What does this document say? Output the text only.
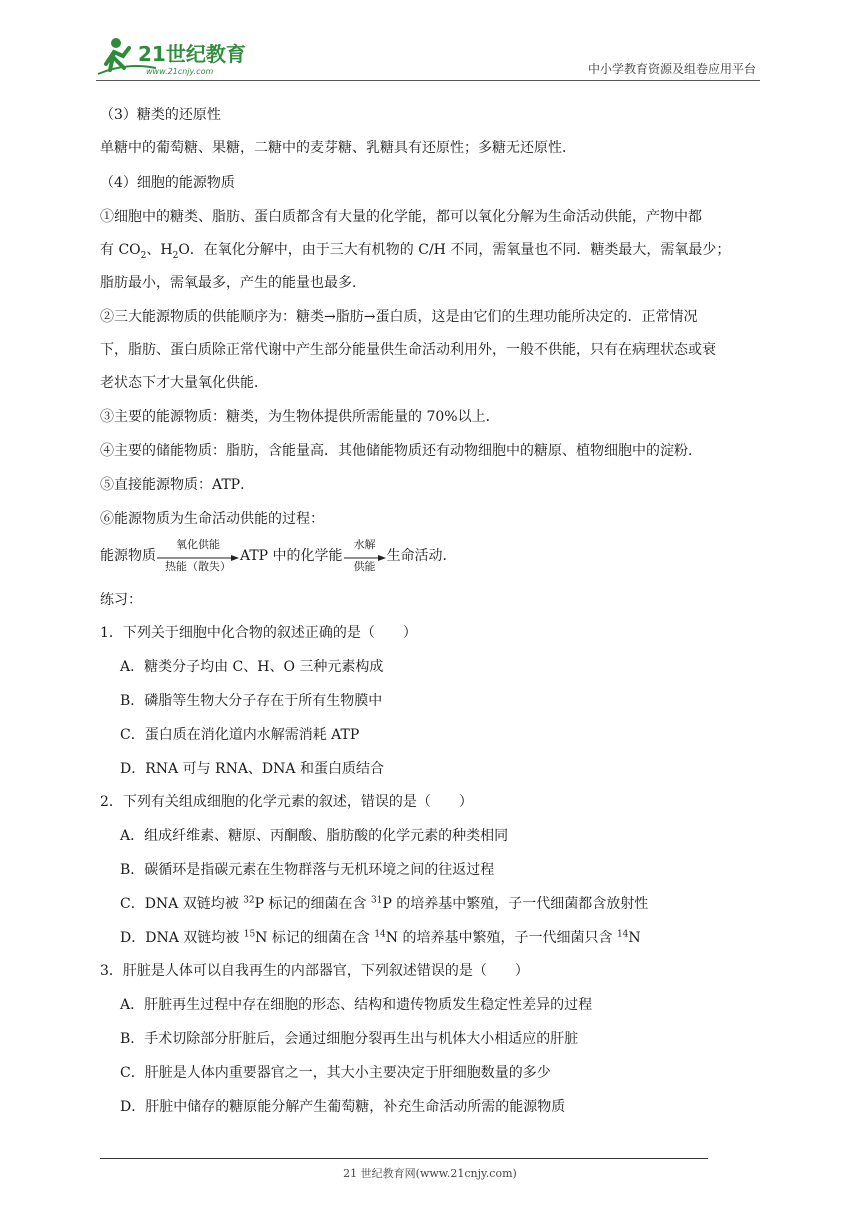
21世纪教育
www.21cnjy.com	中小学教育资源及组卷应用平台
（3）糖类的还原性
单糖中的葡萄糖、果糖，二糖中的麦芽糖、乳糖具有还原性；多糖无还原性．
（4）细胞的能源物质
①细胞中的糖类、脂肪、蛋白质都含有大量的化学能，都可以氧化分解为生命活动供能，产物中都
有 $CO_2$、$H_2O$．在氧化分解中，由于三大有机物的 C/H 不同，需氧量也不同．糖类最大，需氧最少；
脂肪最小，需氧最多，产生的能量也最多．
②三大能源物质的供能顺序为：糖类→脂肪→蛋白质，这是由它们的生理功能所决定的．正常情况
下，脂肪、蛋白质除正常代谢中产生部分能量供生命活动利用外，一般不供能，只有在病理状态或衰
老状态下才大量氧化供能．
③主要的能源物质：糖类，为生物体提供所需能量的 70%以上．
④主要的储能物质：脂肪，含能量高．其他储能物质还有动物细胞中的糖原、植物细胞中的淀粉．
⑤直接能源物质：ATP．
⑥能源物质为生命活动供能的过程：
能源物质
氧化供能
热能（散失）
ATP 中的化学能
水解
供能
生命活动．
练习：
1．下列关于细胞中化合物的叙述正确的是（　　）
A．糖类分子均由 C、H、O 三种元素构成
B．磷脂等生物大分子存在于所有生物膜中
C．蛋白质在消化道内水解需消耗 ATP
D．RNA 可与 RNA、DNA 和蛋白质结合
2．下列有关组成细胞的化学元素的叙述，错误的是（　　）
A．组成纤维素、糖原、丙酮酸、脂肪酸的化学元素的种类相同
B．碳循环是指碳元素在生物群落与无机环境之间的往返过程
C．DNA 双链均被 $^{32}$P 标记的细菌在含 $^{31}$P 的培养基中繁殖，子一代细菌都含放射性
D．DNA 双链均被 $^{15}$N 标记的细菌在含 $^{14}$N 的培养基中繁殖，子一代细菌只含 $^{14}$N
3．肝脏是人体可以自我再生的内部器官，下列叙述错误的是（　　）
A．肝脏再生过程中存在细胞的形态、结构和遗传物质发生稳定性差异的过程
B．手术切除部分肝脏后，会通过细胞分裂再生出与机体大小相适应的肝脏
C．肝脏是人体内重要器官之一，其大小主要决定于肝细胞数量的多少
D．肝脏中储存的糖原能分解产生葡萄糖，补充生命活动所需的能源物质
21 世纪教育网(www.21cnjy.com)
